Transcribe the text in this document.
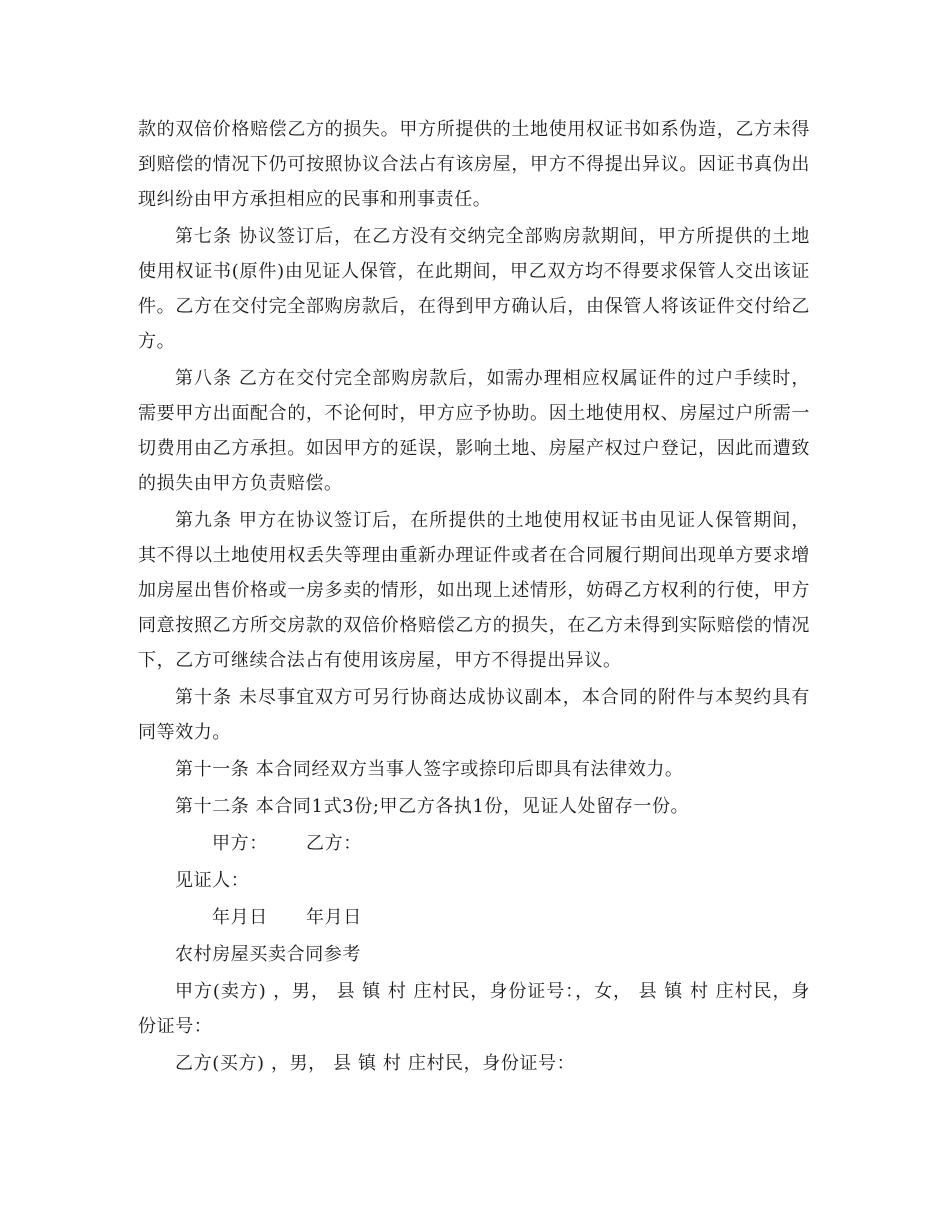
款的双倍价格赔偿乙方的损失。甲方所提供的土地使用权证书如系伪造，乙方未得到赔偿的情况下仍可按照协议合法占有该房屋，甲方不得提出异议。因证书真伪出现纠纷由甲方承担相应的民事和刑事责任。

第七条 协议签订后，在乙方没有交纳完全部购房款期间，甲方所提供的土地使用权证书(原件)由见证人保管，在此期间，甲乙双方均不得要求保管人交出该证件。乙方在交付完全部购房款后，在得到甲方确认后，由保管人将该证件交付给乙方。

第八条 乙方在交付完全部购房款后，如需办理相应权属证件的过户手续时，需要甲方出面配合的，不论何时，甲方应予协助。因土地使用权、房屋过户所需一切费用由乙方承担。如因甲方的延误，影响土地、房屋产权过户登记，因此而遭致的损失由甲方负责赔偿。

第九条 甲方在协议签订后，在所提供的土地使用权证书由见证人保管期间，其不得以土地使用权丢失等理由重新办理证件或者在合同履行期间出现单方要求增加房屋出售价格或一房多卖的情形，如出现上述情形，妨碍乙方权利的行使，甲方同意按照乙方所交房款的双倍价格赔偿乙方的损失，在乙方未得到实际赔偿的情况下，乙方可继续合法占有使用该房屋，甲方不得提出异议。

第十条 未尽事宜双方可另行协商达成协议副本，本合同的附件与本契约具有同等效力。

第十一条 本合同经双方当事人签字或捺印后即具有法律效力。

第十二条 本合同1式3份;甲乙方各执1份，见证人处留存一份。

甲方： 乙方：

见证人：

年月日 年月日

农村房屋买卖合同参考

甲方(卖方) ，男， 县 镇 村 庄村民，身份证号：，女， 县 镇 村 庄村民，身份证号：

乙方(买方) ，男， 县 镇 村 庄村民，身份证号：
